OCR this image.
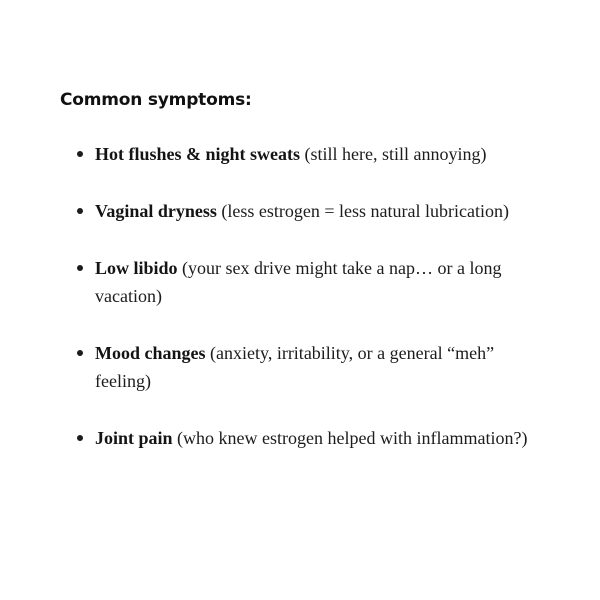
Common symptoms:
Hot flushes & night sweats (still here, still annoying)
Vaginal dryness (less estrogen = less natural lubrication)
Low libido (your sex drive might take a nap… or a long vacation)
Mood changes (anxiety, irritability, or a general “meh” feeling)
Joint pain (who knew estrogen helped with inflammation?)
